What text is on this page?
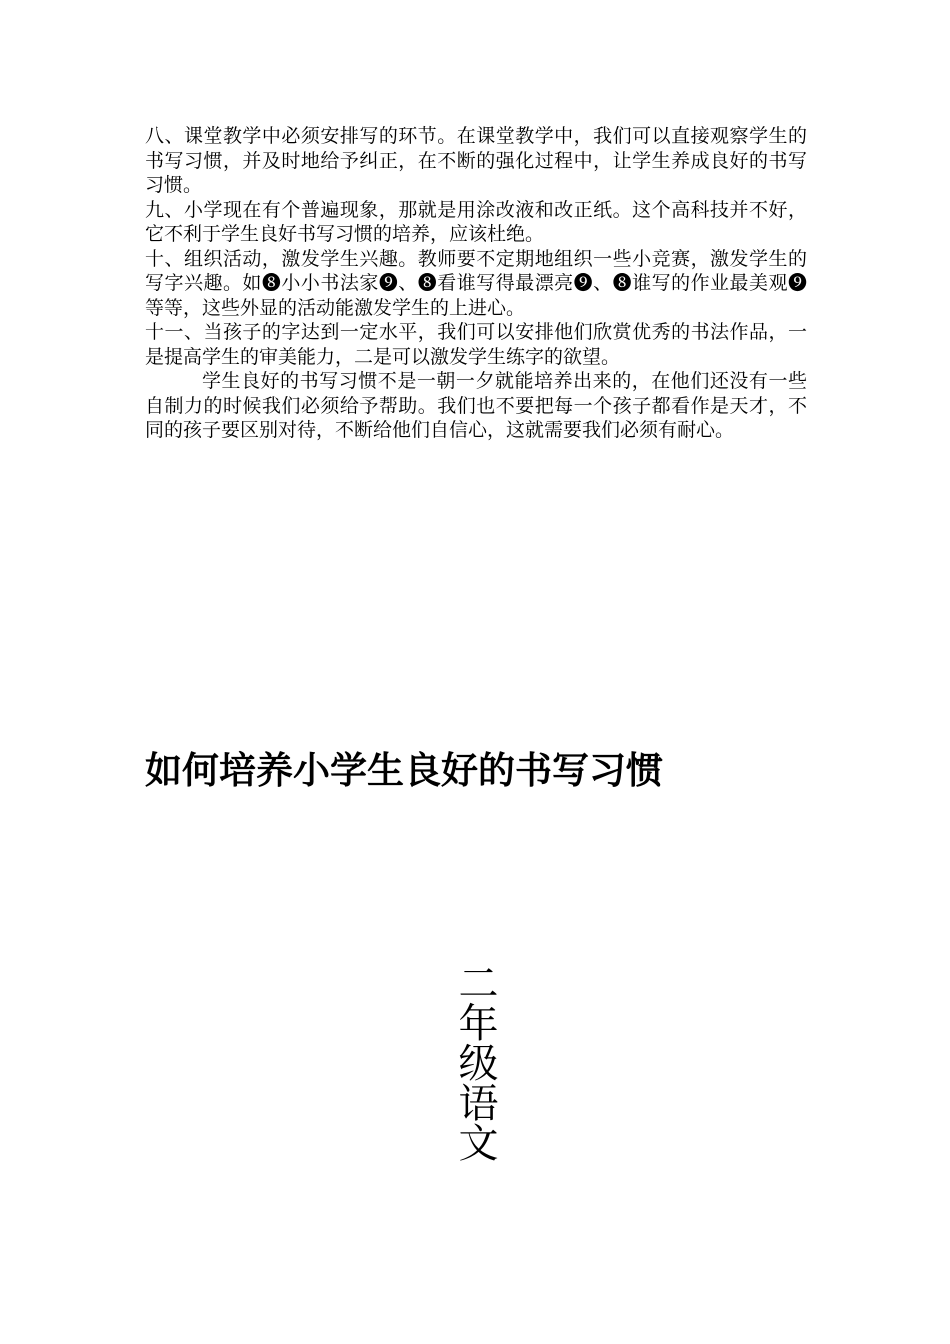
八、课堂教学中必须安排写的环节。在课堂教学中，我们可以直接观察学生的书写习惯，并及时地给予纠正，在不断的强化过程中，让学生养成良好的书写习惯。

九、小学现在有个普遍现象，那就是用涂改液和改正纸。这个高科技并不好，它不利于学生良好书写习惯的培养，应该杜绝。

十、组织活动，激发学生兴趣。教师要不定期地组织一些小竞赛，激发学生的写字兴趣。如❽小小书法家❾、❽看谁写得最漂亮❾、❽谁写的作业最美观❾等等，这些外显的活动能激发学生的上进心。

十一、当孩子的字达到一定水平，我们可以安排他们欣赏优秀的书法作品，一是提高学生的审美能力，二是可以激发学生练字的欲望。

学生良好的书写习惯不是一朝一夕就能培养出来的，在他们还没有一些自制力的时候我们必须给予帮助。我们也不要把每一个孩子都看作是天才，不同的孩子要区别对待，不断给他们自信心，这就需要我们必须有耐心。

如何培养小学生良好的书写习惯
二年级语文
